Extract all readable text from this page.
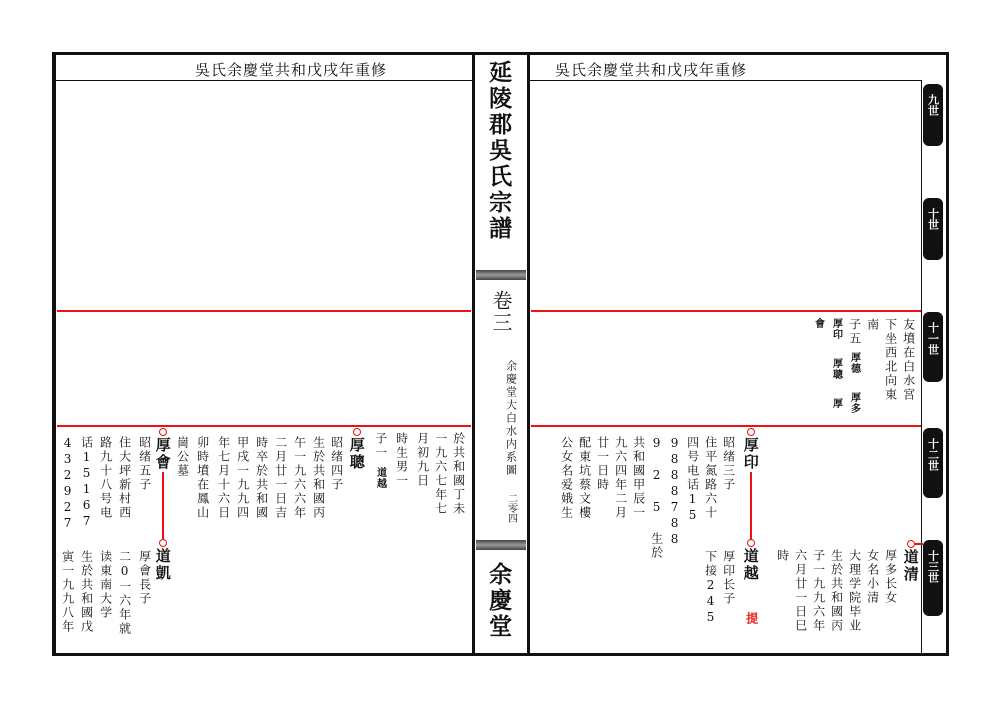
吳氏余慶堂共和戊戌年重修	延陵郡吳氏宗譜
卷三
余慶堂大白水内系圖
二零四
余慶堂
吳氏余慶堂共和戊戌年重修
九世
十世
十一世
十二世
十三世
友墳在白水宮
下坐西北向東
南
子五
厚德
厚多
厚印
厚聰
厚
會
厚印
昭绪三子
住平氮路六十
四号电话15
9888788
9 2 5 生於
共和國甲辰一
九六四年二月
廿一日時
配東坑蔡文樓
公女名爱娥生
道越
提
厚印长子
下接245	道清
厚多长女
女名小清
大理学院毕业
生於共和國丙
子一九九六年
六月廿一日巳
時
於共和國丁未
一九六七年七
月初九日
時生男一
子一
道越
厚聰
昭绪四子
生於共和國丙
午一九六六年
二月廿一日吉
時卒於共和國
甲戌一九九四
年七月十六日
卯時墳在鳳山
崗公墓
厚會
昭绪五子
住大坪新村西
路九十八号电
话15167
432927
道凱
厚會長子
二0一六年就
读東南大学
生於共和國戊
寅一九九八年
